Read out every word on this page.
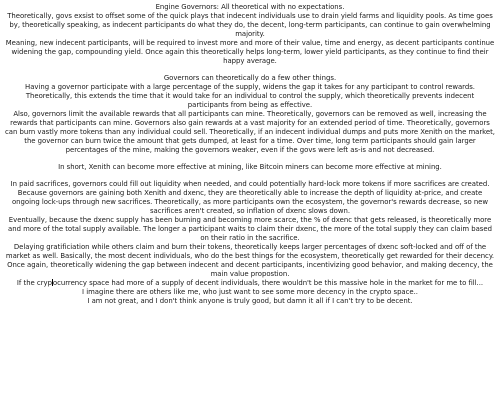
Engine Governors: All theoretical with no expectations.

Theoretically, govs exsist to offset some of the quick plays that indecent individuals use to drain yield farms and liquidity pools. As time goes by, theoretically speaking, as indecent participants do what they do, the decent, long-term participants, can continue to gain overwhelming majority.

Meaning, new indecent participants, will be required to invest more and more of their value, time and energy, as decent participants continue widening the gap, compounding yield. Once again this theoretically helps long-term, lower yield participants, as they continue to find their happy average.

Governors can theoretically do a few other things.

Having a governor participate with a large percentage of the supply, widens the gap it takes for any participant to control rewards. Theoretically, this extends the time that it would take for an individual to control the supply, which theoretically prevents indecent participants from being as effective.

Also, governors limit the available rewards that all participants can mine. Theoretically, governors can be removed as well, increasing the rewards that participants can mine. Governors also gain rewards at a vast majority for an extended period of time. Theoretically, governors can burn vastly more tokens than any individual could sell. Theoretically, if an indecent individual dumps and puts more Xenith on the market, the governor can burn twice the amount that gets dumped, at least for a time. Over time, long term participants should gain larger percentages of the mine, making the governors weaker, even if the govs were left as-is and not decreased.

In short, Xenith can become more effective at mining, like Bitcoin miners can become more effective at mining.

In paid sacrifices, governors could fill out liquidity when needed, and could potentially hard-lock more tokens if more sacrifices are created.

Because governors are gaining both Xenith and dxenc, they are theoretically able to increase the depth of liquidity at-price, and create ongoing lock-ups through new sacrifices. Theoretically, as more participants own the ecosystem, the governor's rewards decrease, so new sacrifices aren't created, so inflation of dxenc slows down.

Eventually, because the dxenc supply has been burning and becoming more scarce, the % of dxenc that gets released, is theoretically more and more of the total supply available. The longer a participant waits to claim their dxenc, the more of the total supply they can claim based on their ratio in the sacrifice.

Delaying gratificiation while others claim and burn their tokens, theoretically keeps larger percentages of dxenc soft-locked and off of the market as well. Basically, the most decent individuals, who do the best things for the ecosystem, theoretically get rewarded for their decency. Once again, theoretically widening the gap between indecent and decent participants, incentivizing good behavior, and making decency, the main value propostion.

If the crypocurrency space had more of a supply of decent individuals, there wouldn't be this massive hole in the market for me to fill...

I imagine there are others like me, who just want to see some more decency in the crypto space..

I am not great, and I don't think anyone is truly good, but damn it all if I can't try to be decent.
